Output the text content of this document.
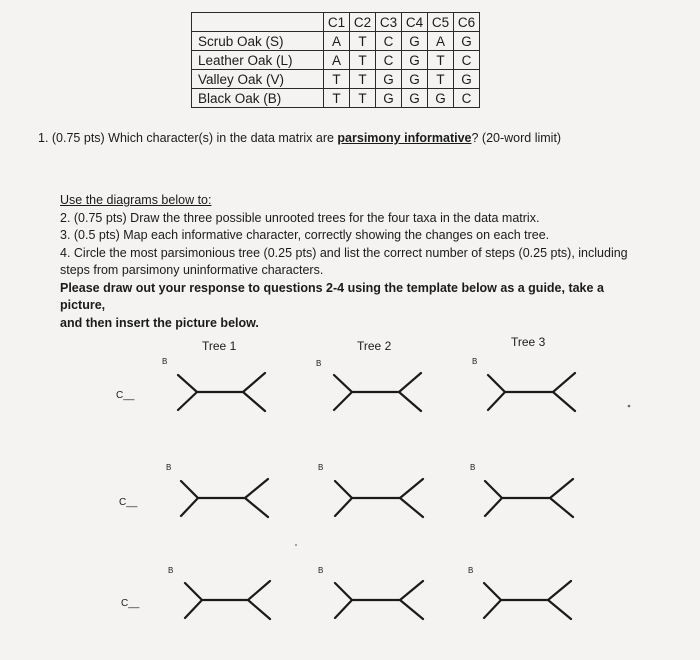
	C1	C2	C3	C4	C5	C6
Scrub Oak (S)	A	T	C	G	A	G
Leather Oak (L)	A	T	C	G	T	C
Valley Oak (V)	T	T	G	G	T	G
Black Oak (B)	T	T	G	G	G	C
1. (0.75 pts) Which character(s) in the data matrix are parsimony informative? (20-word limit)
Use the diagrams below to:
2. (0.75 pts) Draw the three possible unrooted trees for the four taxa in the data matrix.
3. (0.5 pts) Map each informative character, correctly showing the changes on each tree.
4. Circle the most parsimonious tree (0.25 pts) and list the correct number of steps (0.25 pts), including
steps from parsimony uninformative characters.
Please draw out your response to questions 2-4 using the template below as a guide, take a picture,
and then insert the picture below.
Tree 1	Tree 2	Tree 3
B	B	B
B	B	B
B	B	B
C__
C__
C__
